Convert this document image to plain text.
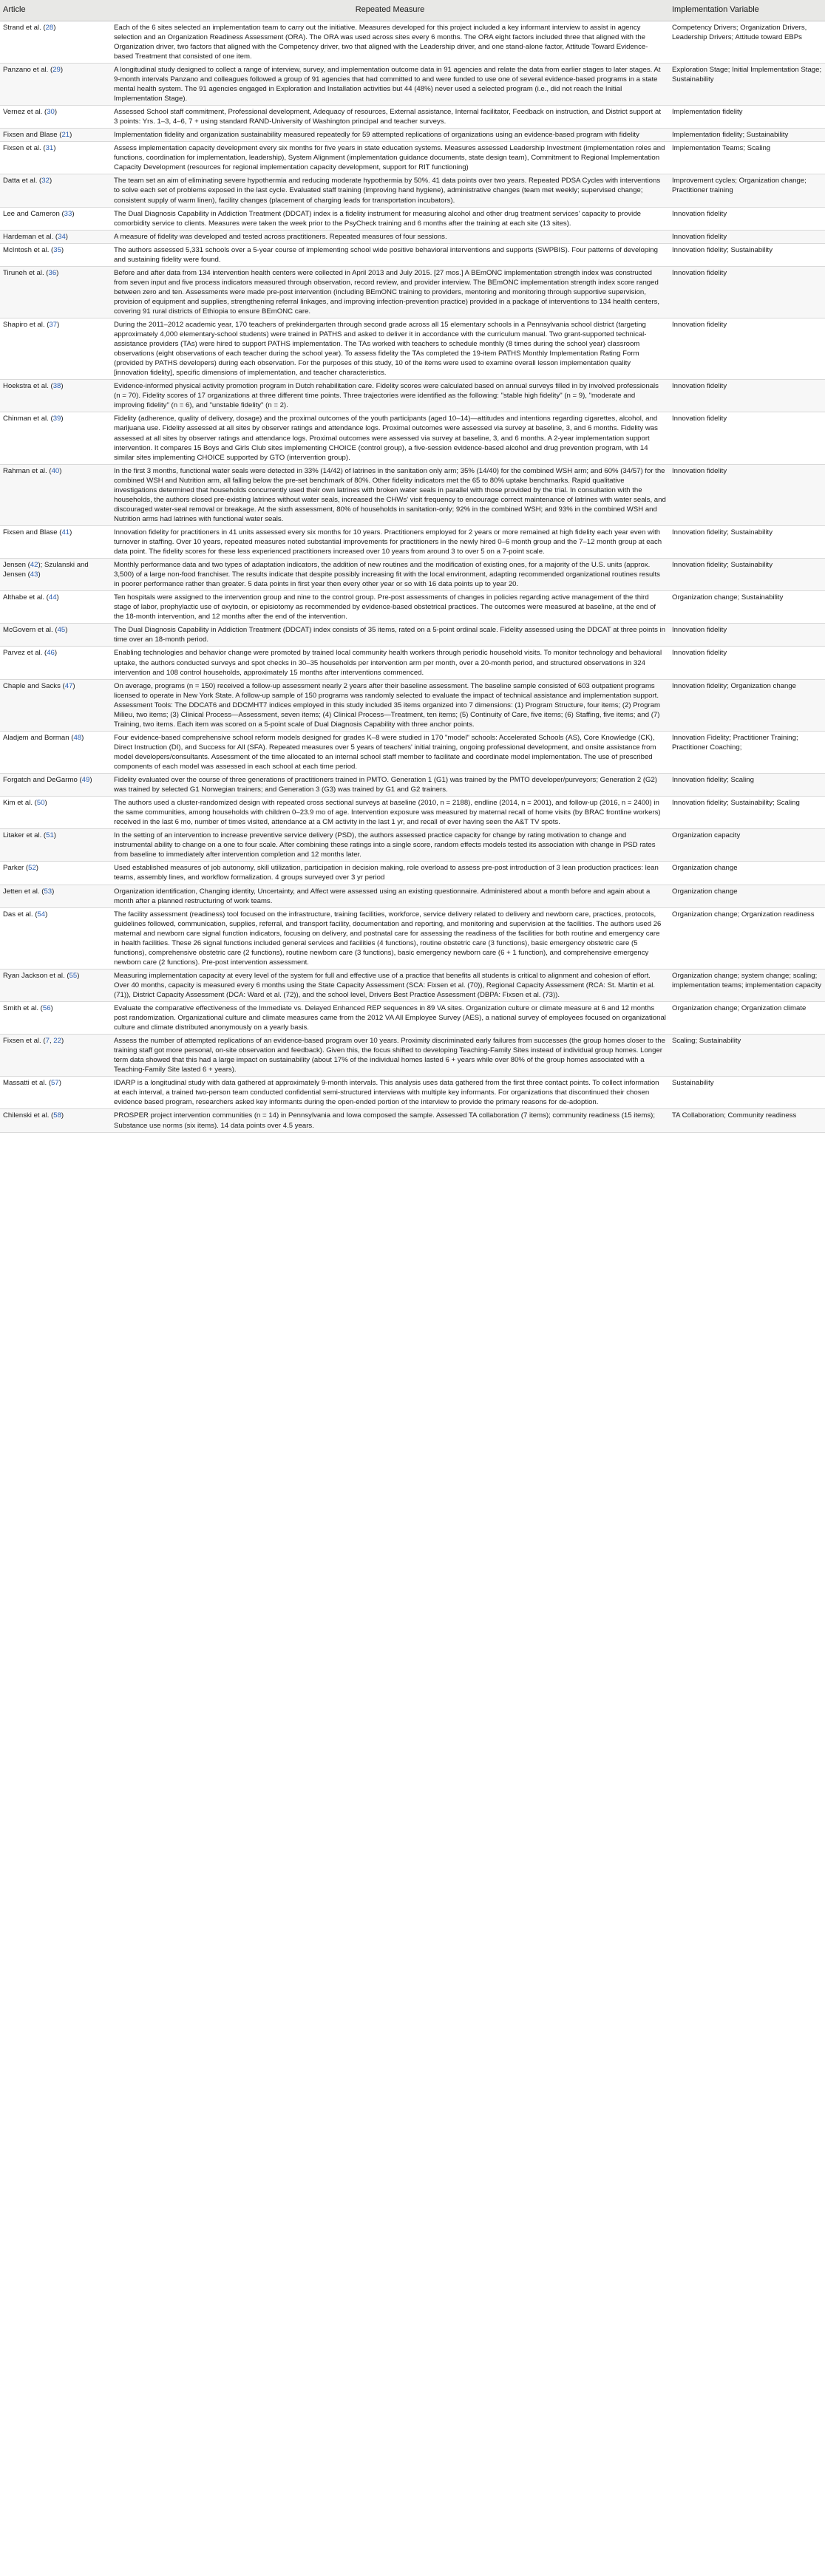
Article	Repeated Measure	Implementation Variable
Strand et al. (28)	Each of the 6 sites selected an implementation team to carry out the initiative. Measures developed for this project included a key informant interview to assist in agency selection and an Organization Readiness Assessment (ORA). The ORA was used across sites every 6 months. The ORA eight factors included three that aligned with the Organization driver, two factors that aligned with the Competency driver, two that aligned with the Leadership driver, and one stand-alone factor, Attitude Toward Evidence-based Treatment that consisted of one item.	Competency Drivers; Organization Drivers, Leadership Drivers; Attitude toward EBPs
Panzano et al. (29)	A longitudinal study designed to collect a range of interview, survey, and implementation outcome data in 91 agencies and relate the data from earlier stages to later stages. At 9-month intervals Panzano and colleagues followed a group of 91 agencies that had committed to and were funded to use one of several evidence-based programs in a state mental health system. The 91 agencies engaged in Exploration and Installation activities but 44 (48%) never used a selected program (i.e., did not reach the Initial Implementation Stage).	Exploration Stage; Initial Implementation Stage; Sustainability
Vernez et al. (30)	Assessed School staff commitment, Professional development, Adequacy of resources, External assistance, Internal facilitator, Feedback on instruction, and District support at 3 points: Yrs. 1–3, 4–6, 7 + using standard RAND-University of Washington principal and teacher surveys.	Implementation fidelity
Fixsen and Blase (21)	Implementation fidelity and organization sustainability measured repeatedly for 59 attempted replications of organizations using an evidence-based program with fidelity	Implementation fidelity; Sustainability
Fixsen et al. (31)	Assess implementation capacity development every six months for five years in state education systems. Measures assessed Leadership Investment (implementation roles and functions, coordination for implementation, leadership), System Alignment (implementation guidance documents, state design team), Commitment to Regional Implementation Capacity Development (resources for regional implementation capacity development, support for RIT functioning)	Implementation Teams; Scaling
Datta et al. (32)	The team set an aim of eliminating severe hypothermia and reducing moderate hypothermia by 50%. 41 data points over two years. Repeated PDSA Cycles with interventions to solve each set of problems exposed in the last cycle. Evaluated staff training (improving hand hygiene), administrative changes (team met weekly; supervised change; consistent supply of warm linen), facility changes (placement of charging leads for transportation incubators).	Improvement cycles; Organization change; Practitioner training
Lee and Cameron (33)	The Dual Diagnosis Capability in Addiction Treatment (DDCAT) index is a fidelity instrument for measuring alcohol and other drug treatment services' capacity to provide comorbidity service to clients. Measures were taken the week prior to the PsyCheck training and 6 months after the training at each site (13 sites).	Innovation fidelity
Hardeman et al. (34)	A measure of fidelity was developed and tested across practitioners. Repeated measures of four sessions.	Innovation fidelity
McIntosh et al. (35)	The authors assessed 5,331 schools over a 5-year course of implementing school wide positive behavioral interventions and supports (SWPBIS). Four patterns of developing and sustaining fidelity were found.	Innovation fidelity; Sustainability
Tiruneh et al. (36)	Before and after data from 134 intervention health centers were collected in April 2013 and July 2015. [27 mos.] A BEmONC implementation strength index was constructed from seven input and five process indicators measured through observation, record review, and provider interview. The BEmONC implementation strength index score ranged between zero and ten. Assessments were made pre-post intervention (including BEmONC training to providers, mentoring and monitoring through supportive supervision, provision of equipment and supplies, strengthening referral linkages, and improving infection-prevention practice) provided in a package of interventions to 134 health centers, covering 91 rural districts of Ethiopia to ensure BEmONC care.	Innovation fidelity
Shapiro et al. (37)	During the 2011–2012 academic year, 170 teachers of prekindergarten through second grade across all 15 elementary schools in a Pennsylvania school district (targeting approximately 4,000 elementary-school students) were trained in PATHS and asked to deliver it in accordance with the curriculum manual. Two grant-supported technical-assistance providers (TAs) were hired to support PATHS implementation. The TAs worked with teachers to schedule monthly (8 times during the school year) classroom observations (eight observations of each teacher during the school year). To assess fidelity the TAs completed the 19-item PATHS Monthly Implementation Rating Form (provided by PATHS developers) during each observation. For the purposes of this study, 10 of the items were used to examine overall lesson implementation quality [innovation fidelity], specific dimensions of implementation, and teacher characteristics.	Innovation fidelity
Hoekstra et al. (38)	Evidence-informed physical activity promotion program in Dutch rehabilitation care. Fidelity scores were calculated based on annual surveys filled in by involved professionals (n = 70). Fidelity scores of 17 organizations at three different time points. Three trajectories were identified as the following: "stable high fidelity" (n = 9), "moderate and improving fidelity" (n = 6), and "unstable fidelity" (n = 2).	Innovation fidelity
Chinman et al. (39)	Fidelity (adherence, quality of delivery, dosage) and the proximal outcomes of the youth participants (aged 10–14)—attitudes and intentions regarding cigarettes, alcohol, and marijuana use. Fidelity assessed at all sites by observer ratings and attendance logs. Proximal outcomes were assessed via survey at baseline, 3, and 6 months. Fidelity was assessed at all sites by observer ratings and attendance logs. Proximal outcomes were assessed via survey at baseline, 3, and 6 months. A 2-year implementation support intervention. It compares 15 Boys and Girls Club sites implementing CHOICE (control group), a five-session evidence-based alcohol and drug prevention program, with 14 similar sites implementing CHOICE supported by GTO (intervention group).	Innovation fidelity
Rahman et al. (40)	In the first 3 months, functional water seals were detected in 33% (14/42) of latrines in the sanitation only arm; 35% (14/40) for the combined WSH arm; and 60% (34/57) for the combined WSH and Nutrition arm, all falling below the pre-set benchmark of 80%. Other fidelity indicators met the 65 to 80% uptake benchmarks. Rapid qualitative investigations determined that households concurrently used their own latrines with broken water seals in parallel with those provided by the trial. In consultation with the households, the authors closed pre-existing latrines without water seals, increased the CHWs' visit frequency to encourage correct maintenance of latrines with water seals, and discouraged water-seal removal or breakage. At the sixth assessment, 80% of households in sanitation-only; 92% in the combined WSH; and 93% in the combined WSH and Nutrition arms had latrines with functional water seals.	Innovation fidelity
Fixsen and Blase (41)	Innovation fidelity for practitioners in 41 units assessed every six months for 10 years. Practitioners employed for 2 years or more remained at high fidelity each year even with turnover in staffing. Over 10 years, repeated measures noted substantial improvements for practitioners in the newly hired 0–6 month group and the 7–12 month group at each data point. The fidelity scores for these less experienced practitioners increased over 10 years from around 3 to over 5 on a 7-point scale.	Innovation fidelity; Sustainability
Jensen (42); Szulanski and Jensen (43)	Monthly performance data and two types of adaptation indicators, the addition of new routines and the modification of existing ones, for a majority of the U.S. units (approx. 3,500) of a large non-food franchiser. The results indicate that despite possibly increasing fit with the local environment, adapting recommended organizational routines results in poorer performance rather than greater. 5 data points in first year then every other year or so with 16 data points up to year 20.	Innovation fidelity; Sustainability
Althabe et al. (44)	Ten hospitals were assigned to the intervention group and nine to the control group. Pre-post assessments of changes in policies regarding active management of the third stage of labor, prophylactic use of oxytocin, or episiotomy as recommended by evidence-based obstetrical practices. The outcomes were measured at baseline, at the end of the 18-month intervention, and 12 months after the end of the intervention.	Organization change; Sustainability
McGovern et al. (45)	The Dual Diagnosis Capability in Addiction Treatment (DDCAT) index consists of 35 items, rated on a 5-point ordinal scale. Fidelity assessed using the DDCAT at three points in time over an 18-month period.	Innovation fidelity
Parvez et al. (46)	Enabling technologies and behavior change were promoted by trained local community health workers through periodic household visits. To monitor technology and behavioral uptake, the authors conducted surveys and spot checks in 30–35 households per intervention arm per month, over a 20-month period, and structured observations in 324 intervention and 108 control households, approximately 15 months after interventions commenced.	Innovation fidelity
Chaple and Sacks (47)	On average, programs (n = 150) received a follow-up assessment nearly 2 years after their baseline assessment. The baseline sample consisted of 603 outpatient programs licensed to operate in New York State. A follow-up sample of 150 programs was randomly selected to evaluate the impact of technical assistance and implementation support. Assessment Tools: The DDCAT6 and DDCMHT7 indices employed in this study included 35 items organized into 7 dimensions: (1) Program Structure, four items; (2) Program Milieu, two items; (3) Clinical Process—Assessment, seven items; (4) Clinical Process—Treatment, ten items; (5) Continuity of Care, five items; (6) Staffing, five items; and (7) Training, two items. Each item was scored on a 5-point scale of Dual Diagnosis Capability with three anchor points.	Innovation fidelity; Organization change
Aladjem and Borman (48)	Four evidence-based comprehensive school reform models designed for grades K–8 were studied in 170 "model" schools: Accelerated Schools (AS), Core Knowledge (CK), Direct Instruction (DI), and Success for All (SFA). Repeated measures over 5 years of teachers' initial training, ongoing professional development, and onsite assistance from model developers/consultants. Assessment of the time allocated to an internal school staff member to facilitate and coordinate model implementation. The use of prescribed components of each model was assessed in each school at each time period.	Innovation Fidelity; Practitioner Training; Practitioner Coaching;
Forgatch and DeGarmo (49)	Fidelity evaluated over the course of three generations of practitioners trained in PMTO. Generation 1 (G1) was trained by the PMTO developer/purveyors; Generation 2 (G2) was trained by selected G1 Norwegian trainers; and Generation 3 (G3) was trained by G1 and G2 trainers.	Innovation fidelity; Scaling
Kim et al. (50)	The authors used a cluster-randomized design with repeated cross sectional surveys at baseline (2010, n = 2188), endline (2014, n = 2001), and follow-up (2016, n = 2400) in the same communities, among households with children 0–23.9 mo of age. Intervention exposure was measured by maternal recall of home visits (by BRAC frontline workers) received in the last 6 mo, number of times visited, attendance at a CM activity in the last 1 yr, and recall of ever having seen the A&T TV spots.	Innovation fidelity; Sustainability; Scaling
Litaker et al. (51)	In the setting of an intervention to increase preventive service delivery (PSD), the authors assessed practice capacity for change by rating motivation to change and instrumental ability to change on a one to four scale. After combining these ratings into a single score, random effects models tested its association with change in PSD rates from baseline to immediately after intervention completion and 12 months later.	Organization capacity
Parker (52)	Used established measures of job autonomy, skill utilization, participation in decision making, role overload to assess pre-post introduction of 3 lean production practices: lean teams, assembly lines, and workflow formalization. 4 groups surveyed over 3 yr period	Organization change
Jetten et al. (53)	Organization identification, Changing identity, Uncertainty, and Affect were assessed using an existing questionnaire. Administered about a month before and again about a month after a planned restructuring of work teams.	Organization change
Das et al. (54)	The facility assessment (readiness) tool focused on the infrastructure, training facilities, workforce, service delivery related to delivery and newborn care, practices, protocols, guidelines followed, communication, supplies, referral, and transport facility, documentation and reporting, and monitoring and supervision at the facilities. The authors used 26 maternal and newborn care signal function indicators, focusing on delivery, and postnatal care for assessing the readiness of the facilities for both routine and emergency care in health facilities. These 26 signal functions included general services and facilities (4 functions), routine obstetric care (3 functions), basic emergency obstetric care (5 functions), comprehensive obstetric care (2 functions), routine newborn care (3 functions), basic emergency newborn care (6 + 1 function), and comprehensive emergency newborn care (2 functions). Pre-post intervention assessment.	Organization change; Organization readiness
Ryan Jackson et al. (55)	Measuring implementation capacity at every level of the system for full and effective use of a practice that benefits all students is critical to alignment and cohesion of effort. Over 40 months, capacity is measured every 6 months using the State Capacity Assessment (SCA: Fixsen et al. (70)), Regional Capacity Assessment (RCA: St. Martin et al. (71)), District Capacity Assessment (DCA: Ward et al. (72)), and the school level, Drivers Best Practice Assessment (DBPA: Fixsen et al. (73)).	Organization change; system change; scaling; implementation teams; implementation capacity
Smith et al. (56)	Evaluate the comparative effectiveness of the Immediate vs. Delayed Enhanced REP sequences in 89 VA sites. Organization culture or climate measure at 6 and 12 months post randomization. Organizational culture and climate measures came from the 2012 VA All Employee Survey (AES), a national survey of employees focused on organizational culture and climate distributed anonymously on a yearly basis.	Organization change; Organization climate
Fixsen et al. (7, 22)	Assess the number of attempted replications of an evidence-based program over 10 years. Proximity discriminated early failures from successes (the group homes closer to the training staff got more personal, on-site observation and feedback). Given this, the focus shifted to developing Teaching-Family Sites instead of individual group homes. Longer term data showed that this had a large impact on sustainability (about 17% of the individual homes lasted 6 + years while over 80% of the group homes associated with a Teaching-Family Site lasted 6 + years).	Scaling; Sustainability
Massatti et al. (57)	IDARP is a longitudinal study with data gathered at approximately 9-month intervals. This analysis uses data gathered from the first three contact points. To collect information at each interval, a trained two-person team conducted confidential semi-structured interviews with multiple key informants. For organizations that discontinued their chosen evidence based program, researchers asked key informants during the open-ended portion of the interview to provide the primary reasons for de-adoption.	Sustainability
Chilenski et al. (58)	PROSPER project intervention communities (n = 14) in Pennsylvania and Iowa composed the sample. Assessed TA collaboration (7 items); community readiness (15 items); Substance use norms (six items). 14 data points over 4.5 years.	TA Collaboration; Community readiness
